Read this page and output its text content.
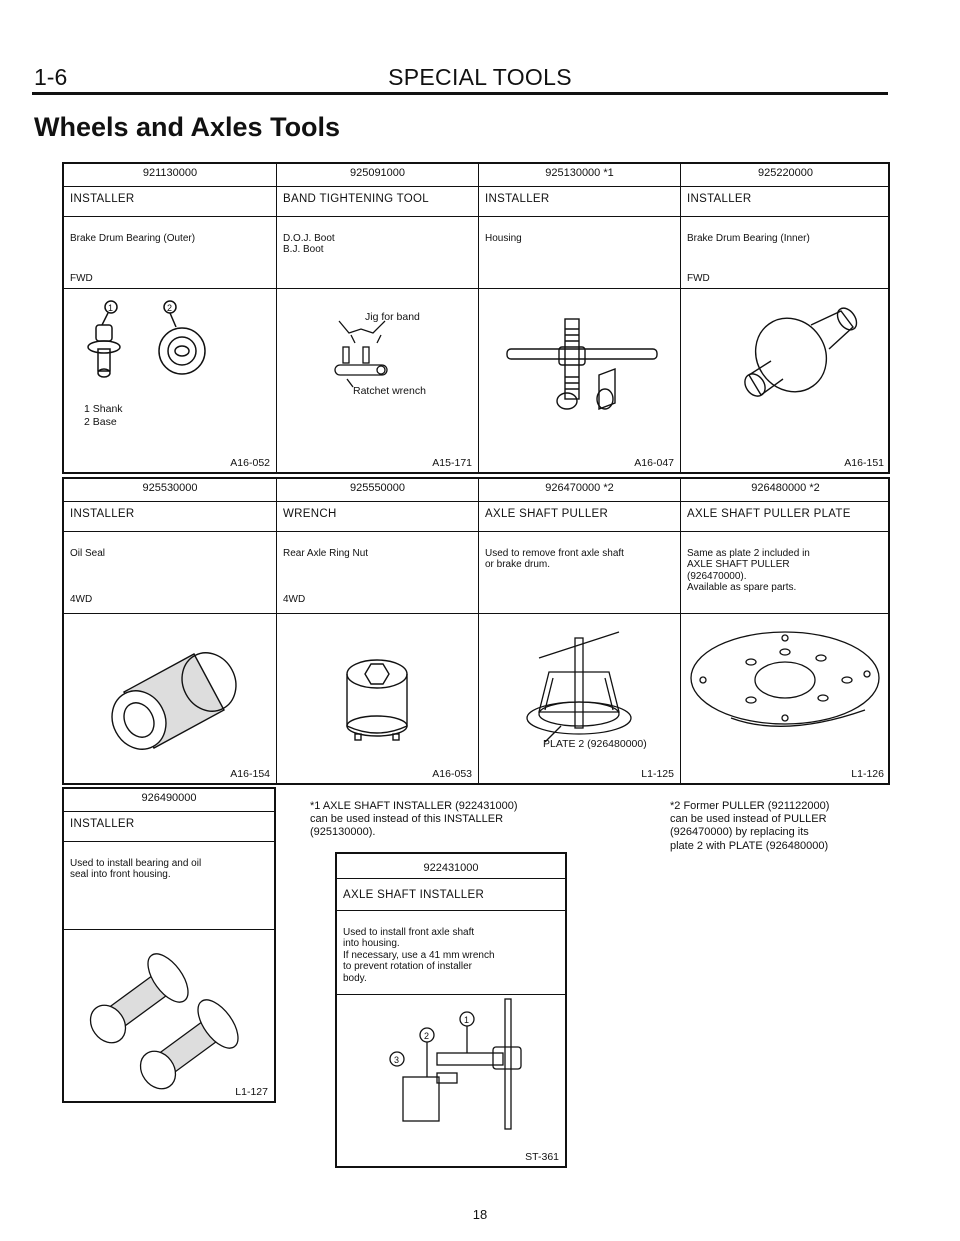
1-6	SPECIAL TOOLS
Wheels and Axles Tools
921130000
INSTALLER

Brake Drum Bearing (Outer)

FWD

1	2
1 Shank
2 Base
A16-052
925091000
BAND TIGHTENING TOOL

D.O.J. Boot
B.J. Boot

Jig for band
Ratchet wrench
A15-171
925130000 *1
INSTALLER

Housing

A16-047
925220000
INSTALLER

Brake Drum Bearing (Inner)

FWD

A16-151
925530000
INSTALLER

Oil Seal

4WD

A16-154
925550000
WRENCH

Rear Axle Ring Nut

4WD

A16-053
926470000 *2
AXLE SHAFT PULLER

Used to remove front axle shaft
or brake drum.

PLATE 2 (926480000)
L1-125
926480000 *2
AXLE SHAFT PULLER PLATE

Same as plate 2 included in
AXLE SHAFT PULLER
(926470000).
Available as spare parts.

L1-126
926490000
INSTALLER

Used to install bearing and oil
seal into front housing.

L1-127
*1 AXLE SHAFT INSTALLER (922431000)
can be used instead of this INSTALLER
(925130000).
*2 Former PULLER (921122000)
can be used instead of PULLER
(926470000) by replacing its
plate 2 with PLATE (926480000)
922431000
AXLE SHAFT INSTALLER

Used to install front axle shaft
into housing.
If necessary, use a 41 mm wrench
to prevent rotation of installer
body.

1
2
3
ST-361
18
